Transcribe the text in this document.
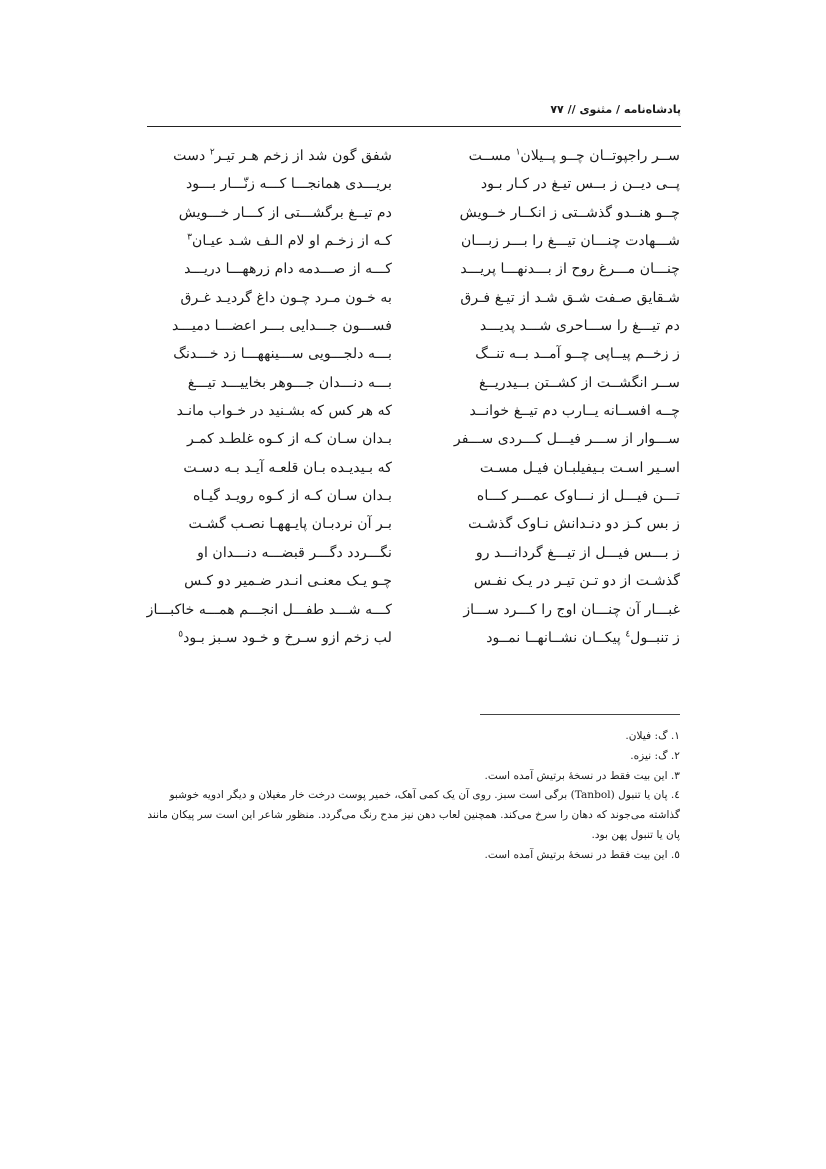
پادشاه‌نامه / مثنوی // ۷۷
ســر راجپوتــان چــو پــیلان$^۱$ مســت
شفق گون شد از زخم هـر تیـر$^۲$ دست
پــی دیــن ز بــس تیـغ در کـار بـود
بریـــدی همانجـــا کـــه زنّـــار بـــود
چــو هنــدو گذشــتی ز انکــار خــویش
دم تیــغ برگشـــتی از کـــار خـــویش
شـــهادت چنـــان تیـــغ را بـــر زبـــان
کـه از زخـم او لام الـف شـد عیـان$^۳$
چنـــان مـــرغ روح از بـــدنهـــا پریـــد
کـــه از صـــدمه دام زرههـــا دریـــد
شـقایق صـفت شـق شـد از تیـغ فـرق
به خـون مـرد چـون داغ گردیـد غـرق
دم تیـــغ را ســـاحری شـــد پدیـــد
فســـون جـــدایی بـــر اعضـــا دمیـــد
ز زخــم پیــاپی چــو آمــد بــه تنــگ
بـــه دلجـــویی ســـینههـــا زد خـــدنگ
ســر انگشــت از کشــتن بــیدریــغ
بـــه دنـــدان جـــوهر بخاییـــد تیـــغ
چــه افســانه یــارب دم تیــغ خوانــد
که هر کس که بشـنید در خـواب مانـد
ســـوار از ســـر فیـــل کـــردی ســـفر
بـدان سـان کـه از کـوه غلطـد کمـر
اسـیر اسـت بـیفیلبـان فیـل مسـت
که بـیدیـده بـان قلعـه آیـد بـه دسـت
تـــن فیـــل از نـــاوک عمـــر کـــاه
بـدان سـان کـه از کـوه رویـد گیـاه
ز بس کـز دو دنـدانش نـاوک گذشـت
بـر آن نردبـان پایـههـا نصـب گشـت
ز بـــس فیـــل از تیـــغ گردانـــد رو
نگـــردد دگـــر قبضـــه دنـــدان او
گذشـت از دو تـن تیـر در یـک نفـس
چـو یـک معنـی انـدر ضـمیر دو کـس
غبـــار آن چنـــان اوج را کـــرد ســـاز
کـــه شـــد طفـــل انجـــم همـــه خاکبـــاز
ز تنبــول$^٤$ پیکــان نشــانهــا نمــود
لب زخم ازو سـرخ و خـود سـبز بـود$^٥$

۱. گ: فیلان.

۲. گ: نیزه.

۳. این بیت فقط در نسخهٔ برتیش آمده است.

٤. پان یا تنبول (Tanbol) برگی است سبز. روی آن یک کمی آهک، خمیر پوست درخت خار مغیلان و دیگر ادویه خوشبو گذاشته می‌جوند که دهان را سرخ می‌کند. همچنین لعاب دهن نیز مدح رنگ می‌گردد. منظور شاعر این است سر پیکان مانند پان یا تنبول پهن بود.

٥. این بیت فقط در نسخهٔ برتیش آمده است.
